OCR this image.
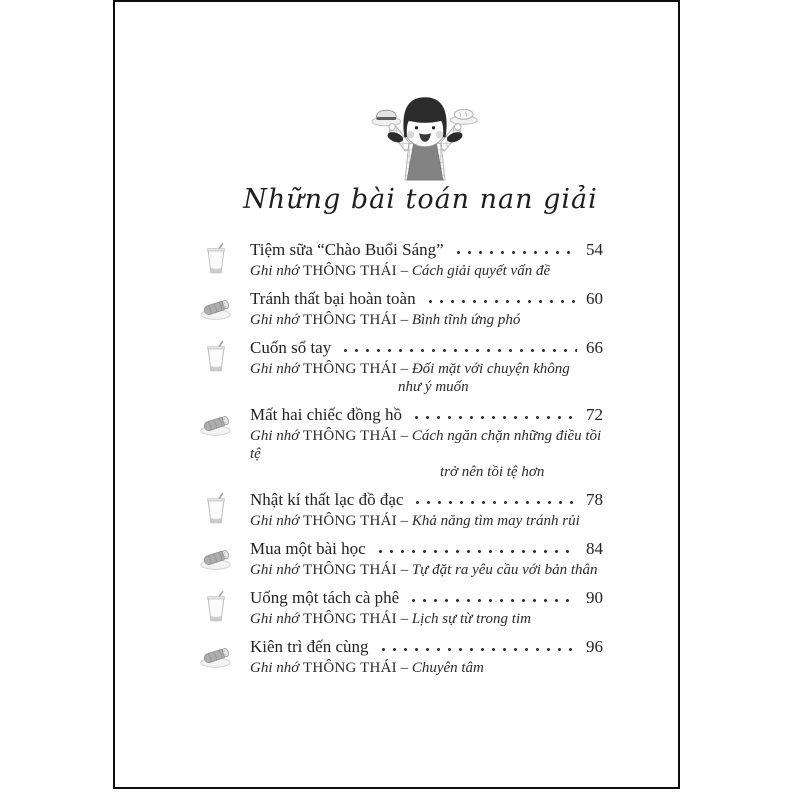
Những bài toán nan giải
Tiệm sữa “Chào Buổi Sáng”	54
Ghi nhớ THÔNG THÁI – Cách giải quyết vấn đề
Tránh thất bại hoàn toàn	60
Ghi nhớ THÔNG THÁI – Bình tĩnh ứng phó
Cuốn sổ tay	66
Ghi nhớ THÔNG THÁI – Đối mặt với chuyện không
như ý muốn
Mất hai chiếc đồng hồ	72
Ghi nhớ THÔNG THÁI – Cách ngăn chặn những điều tồi tệ
trở nên tồi tệ hơn
Nhật kí thất lạc đồ đạc	78
Ghi nhớ THÔNG THÁI – Khả năng tìm may tránh rủi
Mua một bài học	84
Ghi nhớ THÔNG THÁI – Tự đặt ra yêu cầu với bản thân
Uống một tách cà phê	90
Ghi nhớ THÔNG THÁI – Lịch sự từ trong tim
Kiên trì đến cùng	96
Ghi nhớ THÔNG THÁI – Chuyên tâm
